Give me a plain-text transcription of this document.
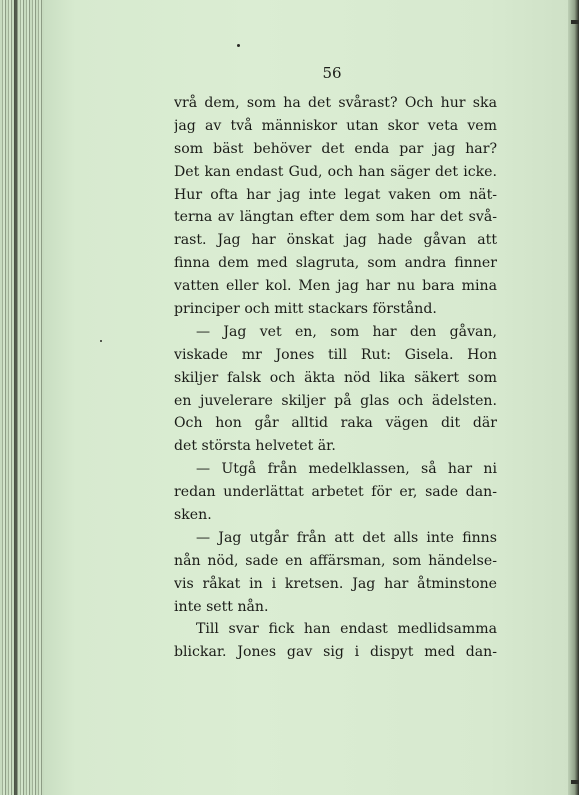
56
vrå dem, som ha det svårast? Och hur ska
jag av två människor utan skor veta vem
som bäst behöver det enda par jag har?
Det kan endast Gud, och han säger det icke.
Hur ofta har jag inte legat vaken om nät-
terna av längtan efter dem som har det svå-
rast. Jag har önskat jag hade gåvan att
finna dem med slagruta, som andra finner
vatten eller kol. Men jag har nu bara mina
principer och mitt stackars förstånd.
— Jag vet en, som har den gåvan,
viskade mr Jones till Rut: Gisela. Hon
skiljer falsk och äkta nöd lika säkert som
en juvelerare skiljer på glas och ädelsten.
Och hon går alltid raka vägen dit där
det största helvetet är.
— Utgå från medelklassen, så har ni
redan underlättat arbetet för er, sade dan-
sken.
— Jag utgår från att det alls inte finns
nån nöd, sade en affärsman, som händelse-
vis råkat in i kretsen. Jag har åtminstone
inte sett nån.
Till svar fick han endast medlidsamma
blickar. Jones gav sig i dispyt med dan-
